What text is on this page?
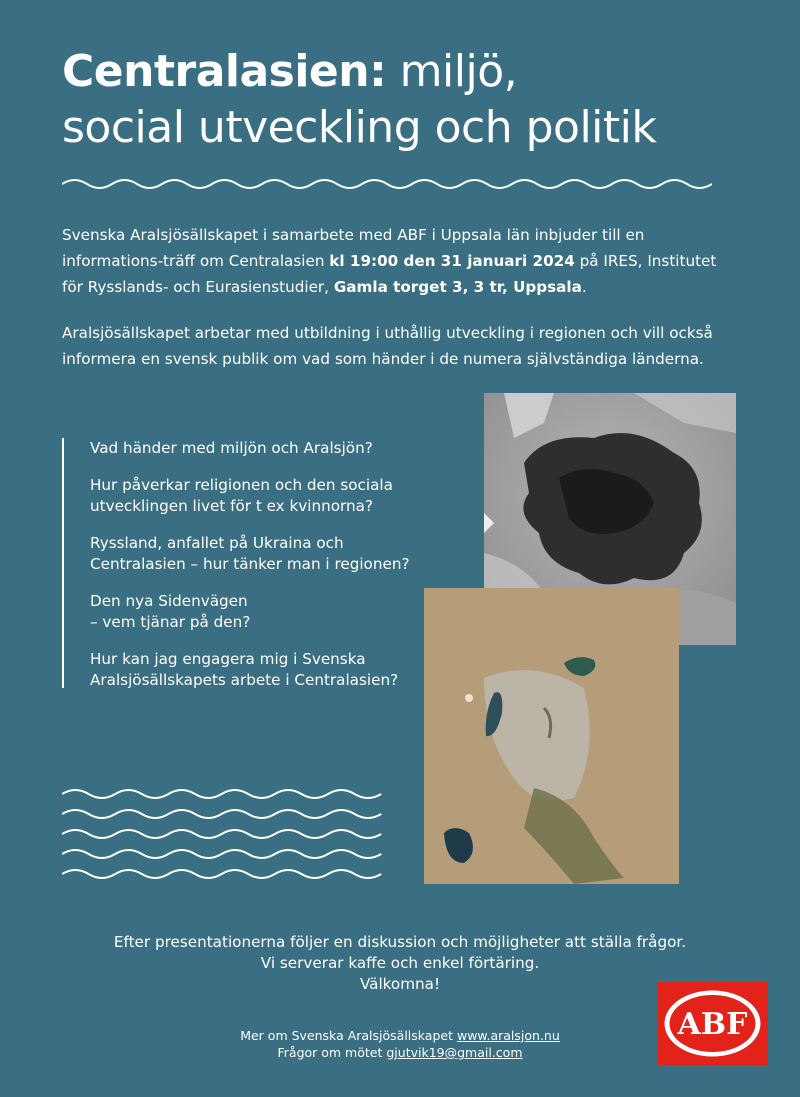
Centralasien: miljö,
social utveckling och politik

Svenska Aralsjösällskapet i samarbete med ABF i Uppsala län inbjuder till en informations-träff om Centralasien kl 19:00 den 31 januari 2024 på IRES, Institutet för Rysslands- och Eurasienstudier, Gamla torget 3, 3 tr, Uppsala.

Aralsjösällskapet arbetar med utbildning i uthållig utveckling i regionen och vill också informera en svensk publik om vad som händer i de numera självständiga länderna.

Vad händer med miljön och Aralsjön?

Hur påverkar religionen och den sociala
utvecklingen livet för t ex kvinnorna?

Ryssland, anfallet på Ukraina och
Centralasien – hur tänker man i regionen?

Den nya Sidenvägen
– vem tjänar på den?

Hur kan jag engagera mig i Svenska
Aralsjösällskapets arbete i Centralasien?

Efter presentationerna följer en diskussion och möjligheter att ställa frågor.
Vi serverar kaffe och enkel förtäring.
Välkomna!
Mer om Svenska Aralsjösällskapet www.aralsjon.nu
Frågor om mötet gjutvik19@gmail.com
ABF
